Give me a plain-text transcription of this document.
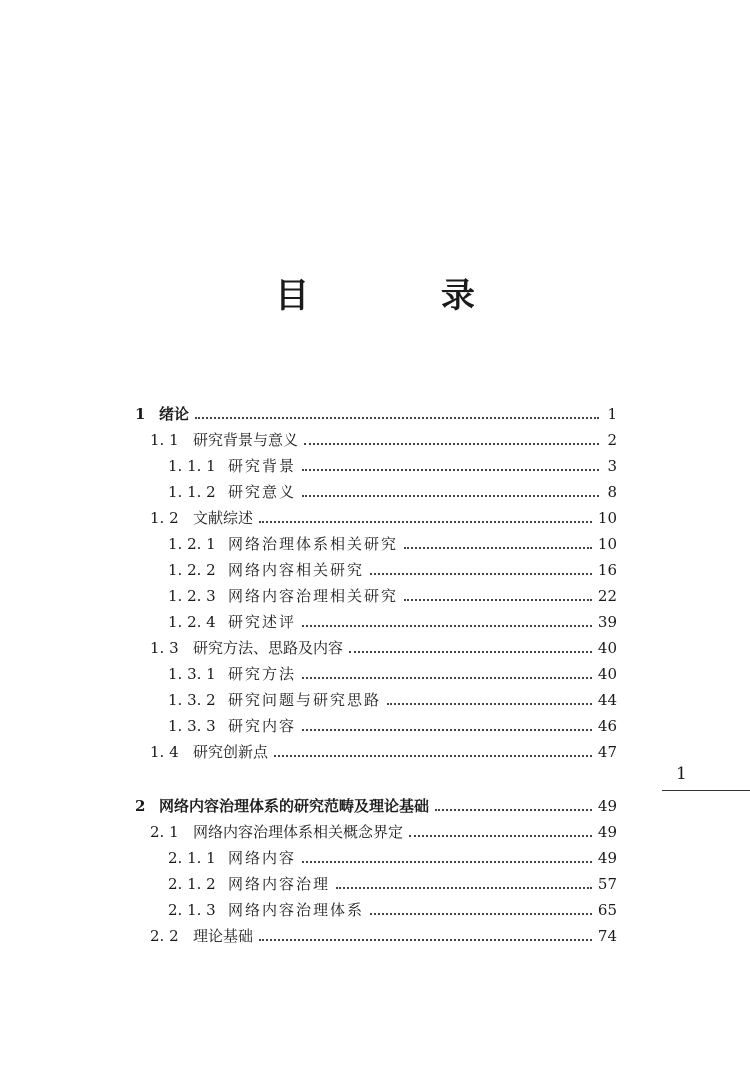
目 录
1 绪论	1
1. 1 研究背景与意义	2
1. 1. 1 研究背景	3
1. 1. 2 研究意义	8
1. 2 文献综述	10
1. 2. 1 网络治理体系相关研究	10
1. 2. 2 网络内容相关研究	16
1. 2. 3 网络内容治理相关研究	22
1. 2. 4 研究述评	39
1. 3 研究方法、思路及内容	40
1. 3. 1 研究方法	40
1. 3. 2 研究问题与研究思路	44
1. 3. 3 研究内容	46
1. 4 研究创新点	47
2 网络内容治理体系的研究范畴及理论基础	49
2. 1 网络内容治理体系相关概念界定	49
2. 1. 1 网络内容	49
2. 1. 2 网络内容治理	57
2. 1. 3 网络内容治理体系	65
2. 2 理论基础	74
1
